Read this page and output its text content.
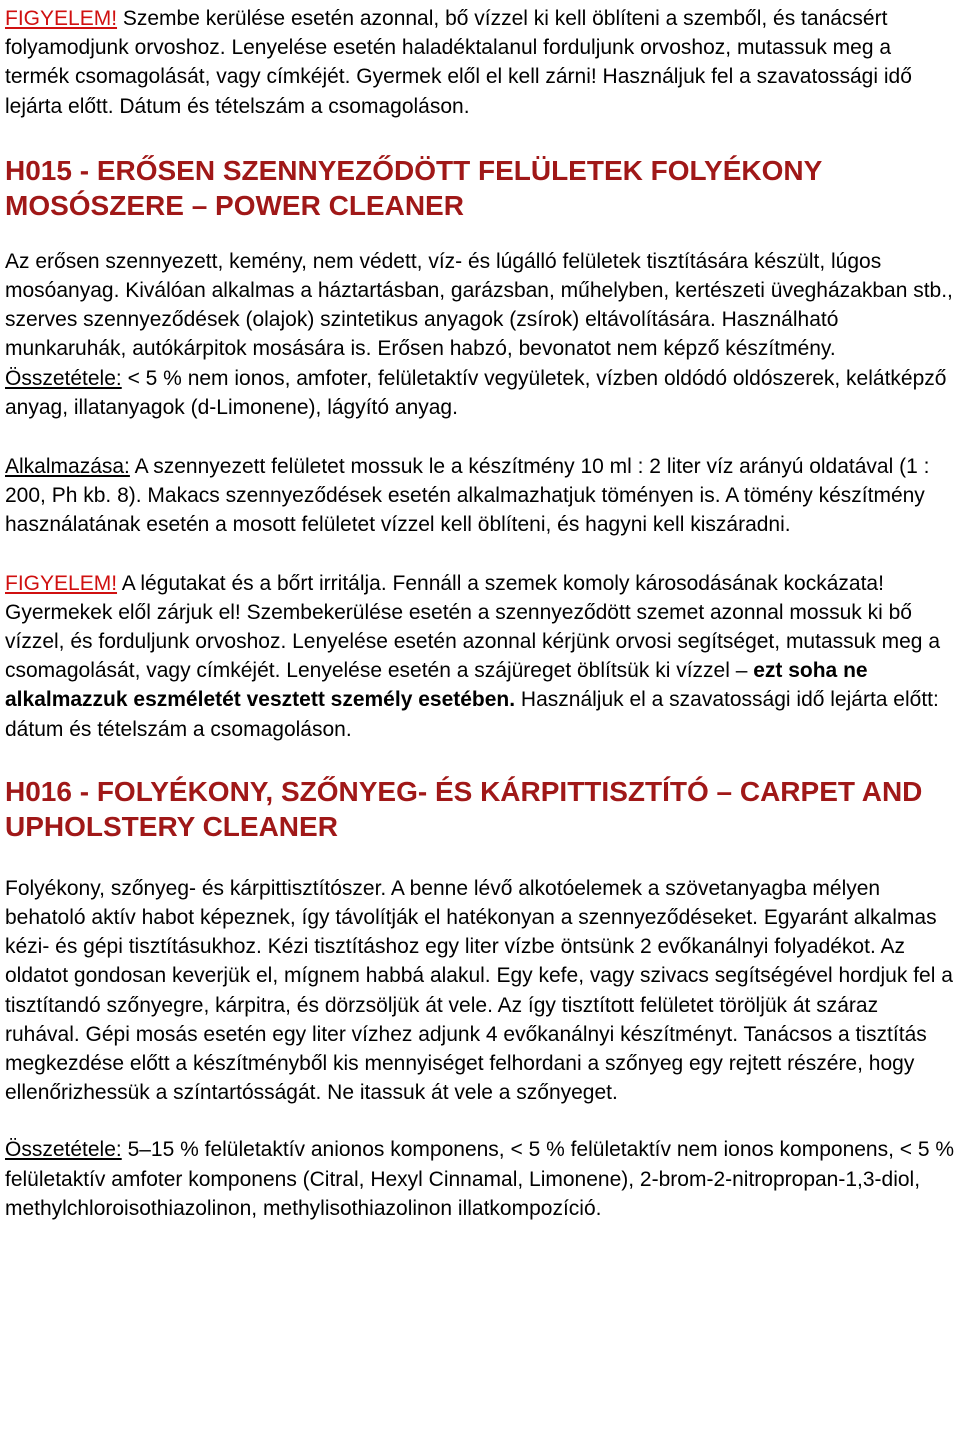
FIGYELEM! Szembe kerülése esetén azonnal, bő vízzel ki kell öblíteni a szemből, és tanácsért folyamodjunk orvoshoz. Lenyelése esetén haladéktalanul forduljunk orvoshoz, mutassuk meg a termék csomagolását, vagy címkéjét. Gyermek elől el kell zárni! Használjuk fel a szavatossági idő lejárta előtt. Dátum és tételszám a csomagoláson.

H015 - ERŐSEN SZENNYEZŐDÖTT FELÜLETEK FOLYÉKONY MOSÓSZERE – POWER CLEANER

Az erősen szennyezett, kemény, nem védett, víz- és lúgálló felületek tisztítására készült, lúgos mosóanyag. Kiválóan alkalmas a háztartásban, garázsban, műhelyben, kertészeti üvegházakban stb., szerves szennyeződések (olajok) szintetikus anyagok (zsírok) eltávolítására. Használható munkaruhák, autókárpitok mosására is. Erősen habzó, bevonatot nem képző készítmény.
Összetétele: < 5 % nem ionos, amfoter, felületaktív vegyületek, vízben oldódó oldószerek, kelátképző anyag, illatanyagok (d-Limonene), lágyító anyag.

Alkalmazása: A szennyezett felületet mossuk le a készítmény 10 ml : 2 liter víz arányú oldatával (1 : 200, Ph kb. 8). Makacs szennyeződések esetén alkalmazhatjuk töményen is. A tömény készítmény használatának esetén a mosott felületet vízzel kell öblíteni, és hagyni kell kiszáradni.

FIGYELEM! A légutakat és a bőrt irritálja. Fennáll a szemek komoly károsodásának kockázata! Gyermekek elől zárjuk el! Szembekerülése esetén a szennyeződött szemet azonnal mossuk ki bő vízzel, és forduljunk orvoshoz. Lenyelése esetén azonnal kérjünk orvosi segítséget, mutassuk meg a csomagolását, vagy címkéjét. Lenyelése esetén a szájüreget öblítsük ki vízzel – ezt soha ne alkalmazzuk eszméletét vesztett személy esetében. Használjuk el a szavatossági idő lejárta előtt: dátum és tételszám a csomagoláson.

H016 - FOLYÉKONY, SZŐNYEG- ÉS KÁRPITTISZTÍTÓ – CARPET AND UPHOLSTERY CLEANER

Folyékony, szőnyeg- és kárpittisztítószer. A benne lévő alkotóelemek a szövetanyagba mélyen behatoló aktív habot képeznek, így távolítják el hatékonyan a szennyeződéseket. Egyaránt alkalmas kézi- és gépi tisztításukhoz. Kézi tisztításhoz egy liter vízbe öntsünk 2 evőkanálnyi folyadékot. Az oldatot gondosan keverjük el, mígnem habbá alakul. Egy kefe, vagy szivacs segítségével hordjuk fel a tisztítandó szőnyegre, kárpitra, és dörzsöljük át vele. Az így tisztított felületet töröljük át száraz ruhával. Gépi mosás esetén egy liter vízhez adjunk 4 evőkanálnyi készítményt. Tanácsos a tisztítás megkezdése előtt a készítményből kis mennyiséget felhordani a szőnyeg egy rejtett részére, hogy ellenőrizhessük a színtartósságát. Ne itassuk át vele a szőnyeget.

Összetétele: 5–15 % felületaktív anionos komponens, < 5 % felületaktív nem ionos komponens, < 5 % felületaktív amfoter komponens (Citral, Hexyl Cinnamal, Limonene), 2-brom-2-nitropropan-1,3-diol, methylchloroisothiazolinon, methylisothiazolinon illatkompozíció.
